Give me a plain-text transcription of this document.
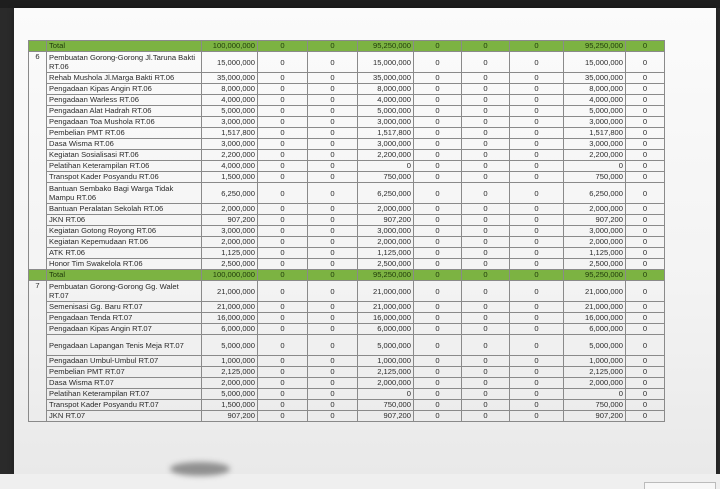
	Total	100,000,000	0	0	95,250,000	0	0	0	95,250,000	0
6	Pembuatan Gorong-Gorong Jl.Taruna Bakti RT.06	15,000,000	0	0	15,000,000	0	0	0	15,000,000	0
	Rehab Mushola Jl.Marga Bakti RT.06	35,000,000	0	0	35,000,000	0	0	0	35,000,000	0
	Pengadaan Kipas Angin RT.06	8,000,000	0	0	8,000,000	0	0	0	8,000,000	0
	Pengadaan Warless RT.06	4,000,000	0	0	4,000,000	0	0	0	4,000,000	0
	Pengadaan Alat Hadrah RT.06	5,000,000	0	0	5,000,000	0	0	0	5,000,000	0
	Pengadaan Toa Mushola RT.06	3,000,000	0	0	3,000,000	0	0	0	3,000,000	0
	Pembelian PMT RT.06	1,517,800	0	0	1,517,800	0	0	0	1,517,800	0
	Dasa Wisma RT.06	3,000,000	0	0	3,000,000	0	0	0	3,000,000	0
	Kegiatan Sosialisasi RT.06	2,200,000	0	0	2,200,000	0	0	0	2,200,000	0
	Pelatihan Keterampilan RT.06	4,000,000	0	0	0	0	0	0	0	0
	Transpot Kader Posyandu RT.06	1,500,000	0	0	750,000	0	0	0	750,000	0
	Bantuan Sembako Bagi Warga Tidak Mampu RT.06	6,250,000	0	0	6,250,000	0	0	0	6,250,000	0
	Bantuan Peralatan Sekolah RT.06	2,000,000	0	0	2,000,000	0	0	0	2,000,000	0
	JKN RT.06	907,200	0	0	907,200	0	0	0	907,200	0
	Kegiatan Gotong Royong RT.06	3,000,000	0	0	3,000,000	0	0	0	3,000,000	0
	Kegiatan Kepemudaan RT.06	2,000,000	0	0	2,000,000	0	0	0	2,000,000	0
	ATK RT.06	1,125,000	0	0	1,125,000	0	0	0	1,125,000	0
	Honor Tim Swakelola RT.06	2,500,000	0	0	2,500,000	0	0	0	2,500,000	0
	Total	100,000,000	0	0	95,250,000	0	0	0	95,250,000	0
7	Pembuatan Gorong-Gorong Gg. Walet RT.07	21,000,000	0	0	21,000,000	0	0	0	21,000,000	0
	Semenisasi Gg. Baru RT.07	21,000,000	0	0	21,000,000	0	0	0	21,000,000	0
	Pengadaan Tenda RT.07	16,000,000	0	0	16,000,000	0	0	0	16,000,000	0
	Pengadaan Kipas Angin RT.07	6,000,000	0	0	6,000,000	0	0	0	6,000,000	0
	Pengadaan Lapangan Tenis Meja RT.07	5,000,000	0	0	5,000,000	0	0	0	5,000,000	0
	Pengadaan Umbul-Umbul RT.07	1,000,000	0	0	1,000,000	0	0	0	1,000,000	0
	Pembelian PMT RT.07	2,125,000	0	0	2,125,000	0	0	0	2,125,000	0
	Dasa Wisma RT.07	2,000,000	0	0	2,000,000	0	0	0	2,000,000	0
	Pelatihan Keterampilan RT.07	5,000,000	0	0	0	0	0	0	0	0
	Transpot Kader Posyandu RT.07	1,500,000	0	0	750,000	0	0	0	750,000	0
	JKN RT.07	907,200	0	0	907,200	0	0	0	907,200	0
